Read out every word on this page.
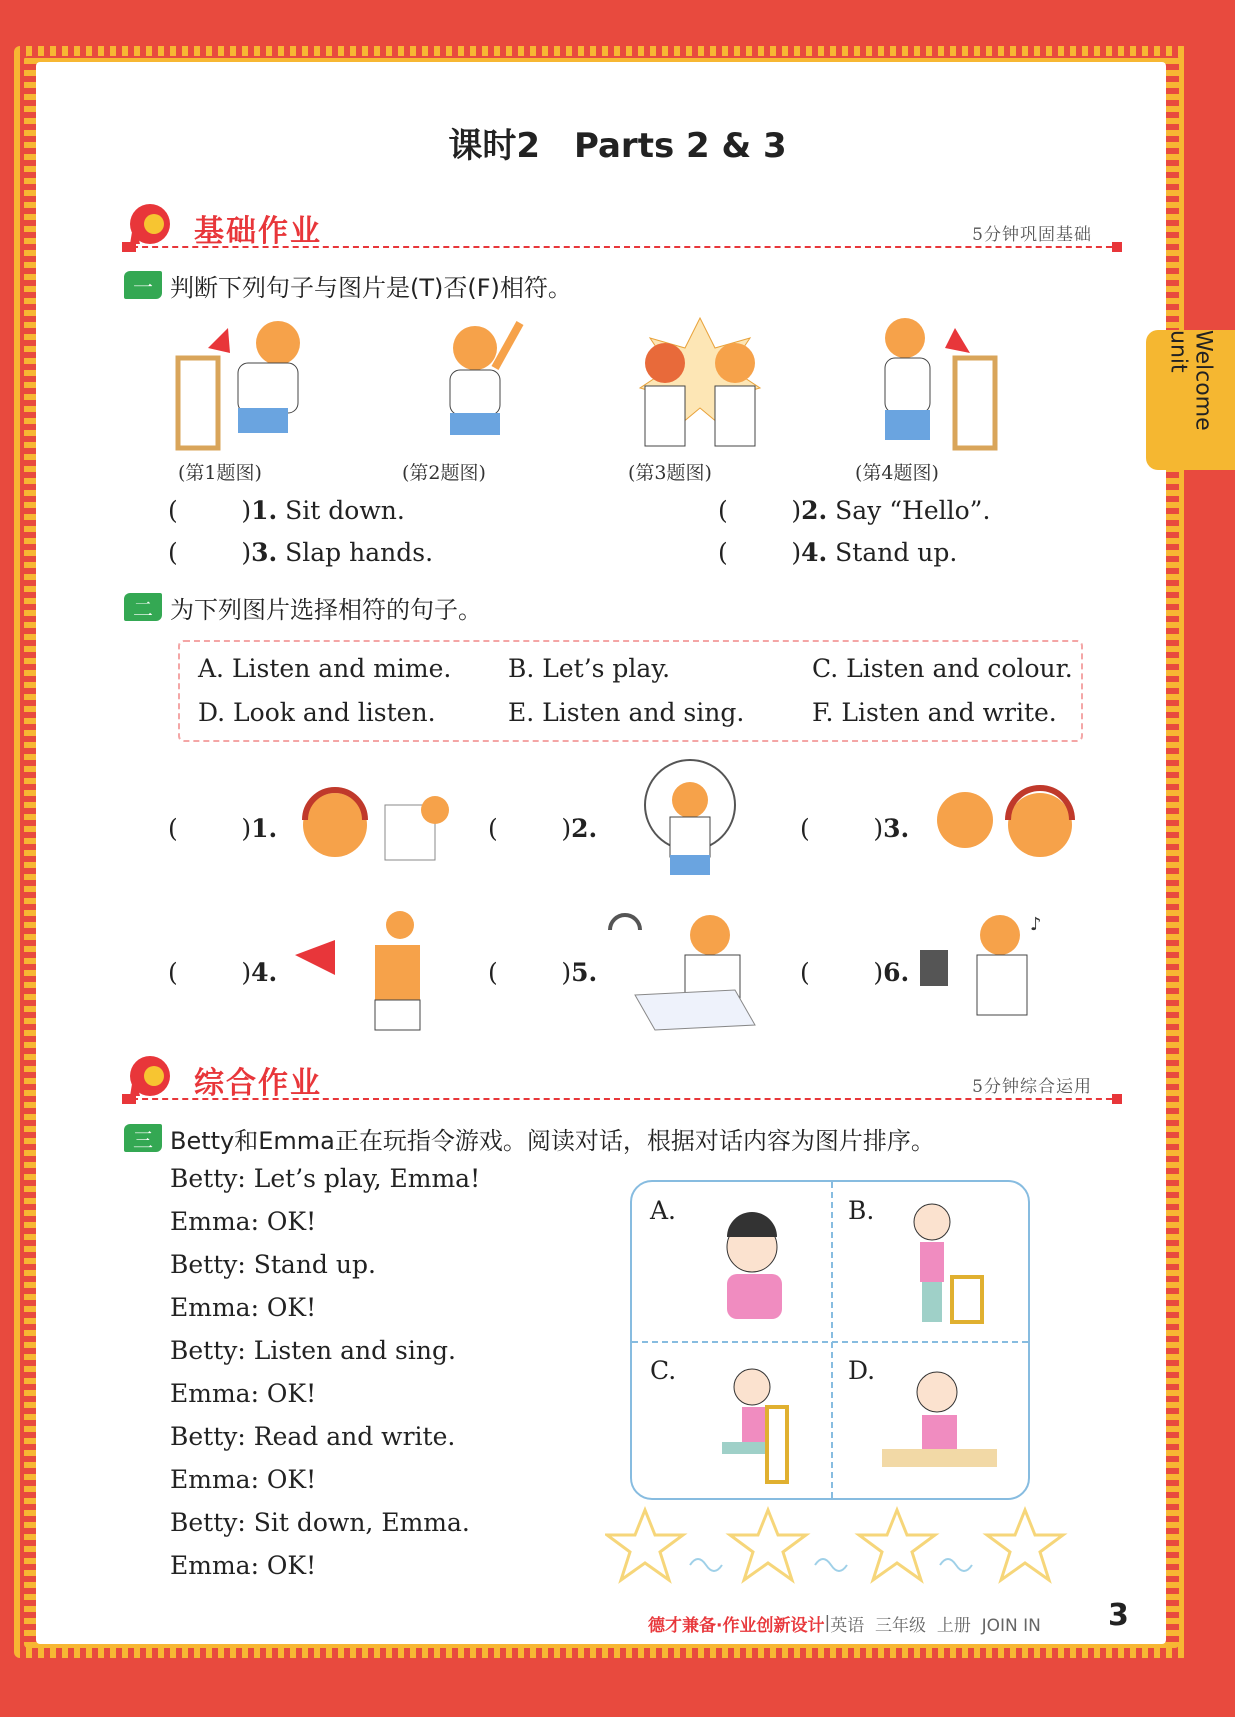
Welcome unit
课时2　Parts 2 & 3
基础作业	5分钟巩固基础
一 判断下列句子与图片是(T)否(F)相符。
(第1题图)	(第2题图)	(第3题图)	(第4题图)
(        )1. Sit down.	(        )2. Say “Hello”.
(        )3. Slap hands.	(        )4. Stand up.
二 为下列图片选择相符的句子。
A. Listen and mime. B. Let’s play.	C. Listen and colour.
D. Look and listen.	E. Listen and sing.	F. Listen and write.
(        )1.	(        )2.	(        )3.
(        )4.	(        )5.	(        )6.
♪
综合作业	5分钟综合运用
三 Betty和Emma正在玩指令游戏。阅读对话，根据对话内容为图片排序。
Betty: Let’s play, Emma!
Emma: OK!
Betty: Stand up.
Emma: OK!
Betty: Listen and sing.
Emma: OK!
Betty: Read and write.
Emma: OK!
Betty: Sit down, Emma.
Emma: OK!
A.	B.
C.	D.
德才兼备·作业创新设计 | 英语  三年级  上册  JOIN IN 3
